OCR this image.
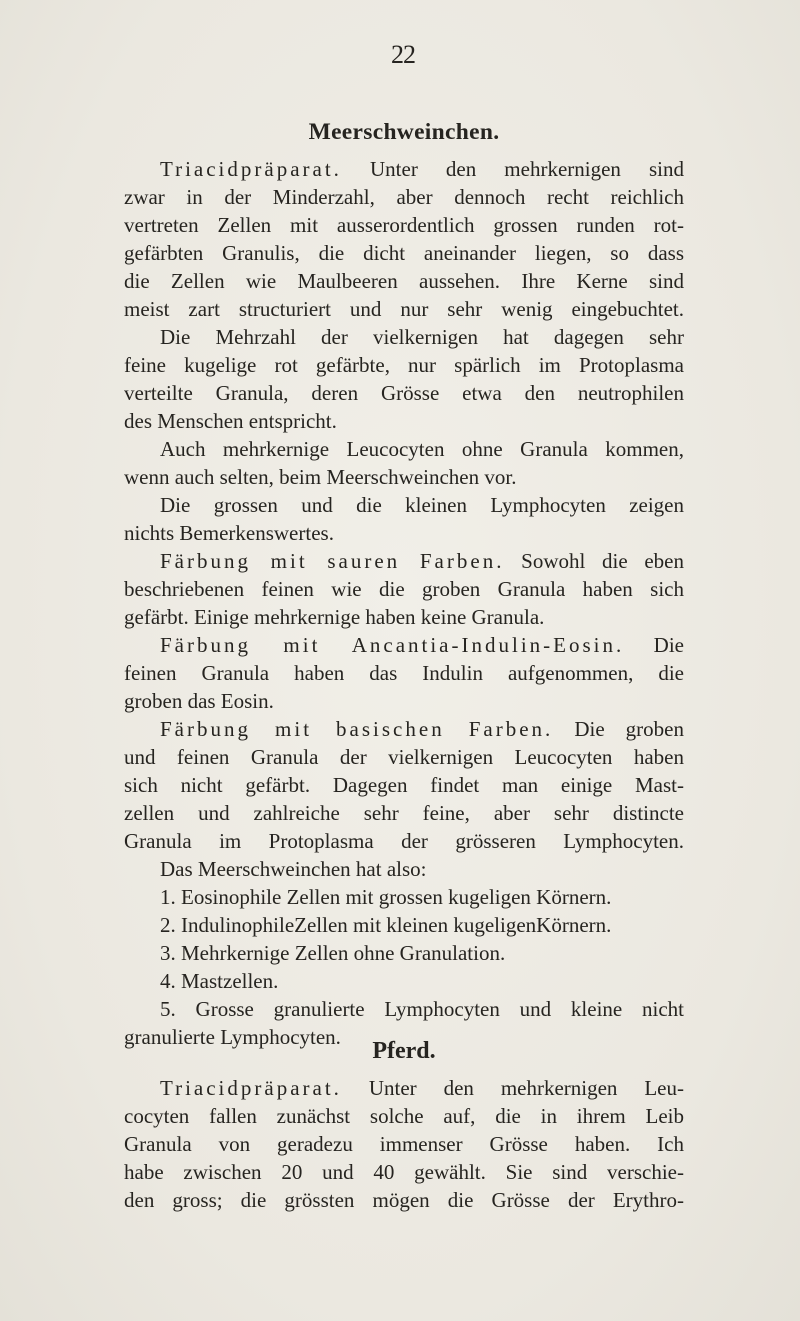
22
Meerschweinchen.
Triacidpräparat. Unter den mehrkernigen sind
zwar in der Minderzahl, aber dennoch recht reichlich
vertreten Zellen mit ausserordentlich grossen runden rot-
gefärbten Granulis, die dicht aneinander liegen, so dass
die Zellen wie Maulbeeren aussehen. Ihre Kerne sind
meist zart structuriert und nur sehr wenig eingebuchtet.
Die Mehrzahl der vielkernigen hat dagegen sehr
feine kugelige rot gefärbte, nur spärlich im Protoplasma
verteilte Granula, deren Grösse etwa den neutrophilen
des Menschen entspricht.
Auch mehrkernige Leucocyten ohne Granula kommen,
wenn auch selten, beim Meerschweinchen vor.
Die grossen und die kleinen Lymphocyten zeigen
nichts Bemerkenswertes.
Färbung mit sauren Farben. Sowohl die eben
beschriebenen feinen wie die groben Granula haben sich
gefärbt. Einige mehrkernige haben keine Granula.
Färbung mit Ancantia-Indulin-Eosin. Die
feinen Granula haben das Indulin aufgenommen, die
groben das Eosin.
Färbung mit basischen Farben. Die groben
und feinen Granula der vielkernigen Leucocyten haben
sich nicht gefärbt. Dagegen findet man einige Mast-
zellen und zahlreiche sehr feine, aber sehr distincte
Granula im Protoplasma der grösseren Lymphocyten.
Das Meerschweinchen hat also:
1. Eosinophile Zellen mit grossen kugeligen Körnern.
2. IndulinophileZellen mit kleinen kugeligenKörnern.
3. Mehrkernige Zellen ohne Granulation.
4. Mastzellen.
5. Grosse granulierte Lymphocyten und kleine nicht
granulierte Lymphocyten.
Pferd.
Triacidpräparat. Unter den mehrkernigen Leu-
cocyten fallen zunächst solche auf, die in ihrem Leib
Granula von geradezu immenser Grösse haben. Ich
habe zwischen 20 und 40 gewählt. Sie sind verschie-
den gross; die grössten mögen die Grösse der Erythro-
